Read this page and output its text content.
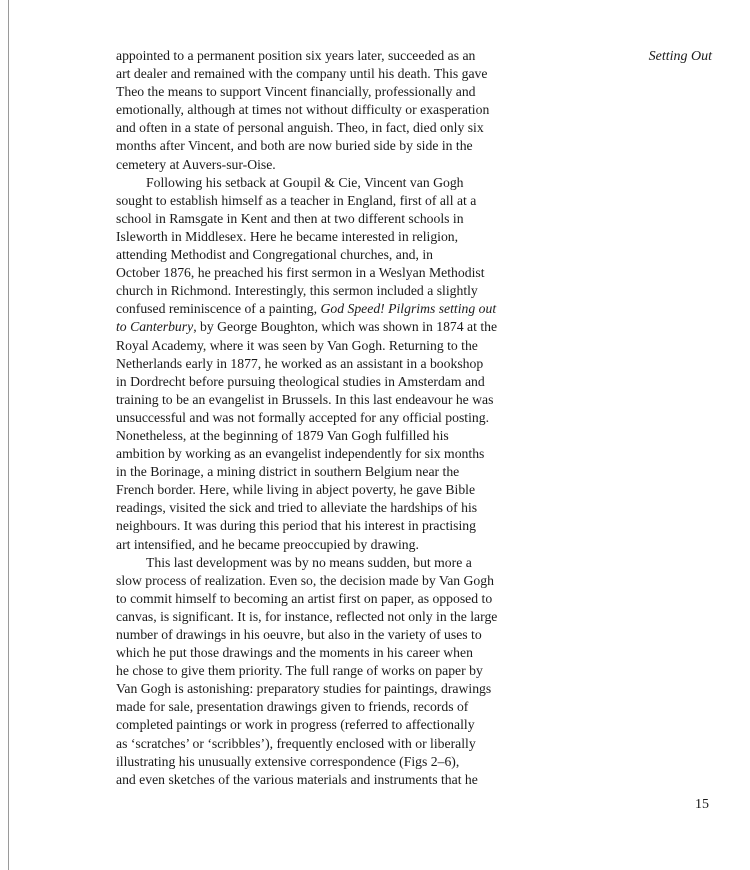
Setting Out
appointed to a permanent position six years later, succeeded as an
art dealer and remained with the company until his death. This gave
Theo the means to support Vincent financially, professionally and
emotionally, although at times not without difficulty or exasperation
and often in a state of personal anguish. Theo, in fact, died only six
months after Vincent, and both are now buried side by side in the
cemetery at Auvers-sur-Oise.
Following his setback at Goupil & Cie, Vincent van Gogh
sought to establish himself as a teacher in England, first of all at a
school in Ramsgate in Kent and then at two different schools in
Isleworth in Middlesex. Here he became interested in religion,
attending Methodist and Congregational churches, and, in
October 1876, he preached his first sermon in a Weslyan Methodist
church in Richmond. Interestingly, this sermon included a slightly
confused reminiscence of a painting, God Speed! Pilgrims setting out
to Canterbury, by George Boughton, which was shown in 1874 at the
Royal Academy, where it was seen by Van Gogh. Returning to the
Netherlands early in 1877, he worked as an assistant in a bookshop
in Dordrecht before pursuing theological studies in Amsterdam and
training to be an evangelist in Brussels. In this last endeavour he was
unsuccessful and was not formally accepted for any official posting.
Nonetheless, at the beginning of 1879 Van Gogh fulfilled his
ambition by working as an evangelist independently for six months
in the Borinage, a mining district in southern Belgium near the
French border. Here, while living in abject poverty, he gave Bible
readings, visited the sick and tried to alleviate the hardships of his
neighbours. It was during this period that his interest in practising
art intensified, and he became preoccupied by drawing.
This last development was by no means sudden, but more a
slow process of realization. Even so, the decision made by Van Gogh
to commit himself to becoming an artist first on paper, as opposed to
canvas, is significant. It is, for instance, reflected not only in the large
number of drawings in his oeuvre, but also in the variety of uses to
which he put those drawings and the moments in his career when
he chose to give them priority. The full range of works on paper by
Van Gogh is astonishing: preparatory studies for paintings, drawings
made for sale, presentation drawings given to friends, records of
completed paintings or work in progress (referred to affectionally
as ‘scratches’ or ‘scribbles’), frequently enclosed with or liberally
illustrating his unusually extensive correspondence (Figs 2–6),
and even sketches of the various materials and instruments that he
15
